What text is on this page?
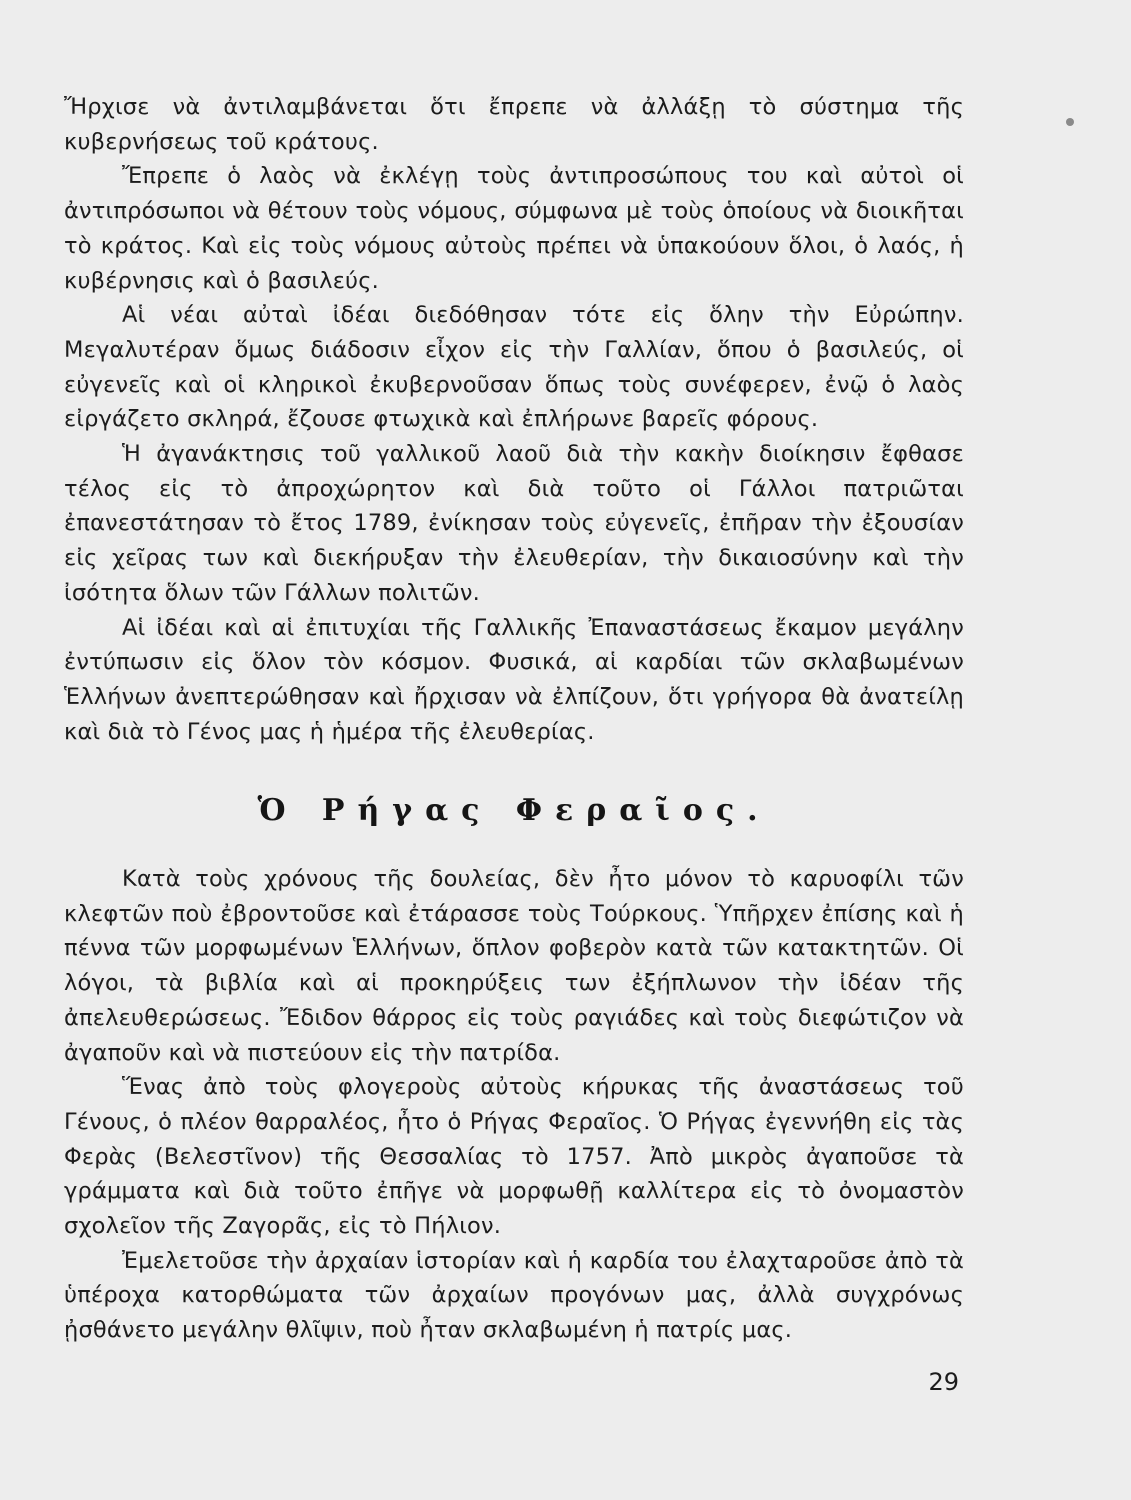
Ἤρχισε νὰ ἀντιλαμβάνεται ὅτι ἔπρεπε νὰ ἀλλάξῃ τὸ σύστημα τῆς κυβερνήσεως τοῦ κράτους.

Ἔπρεπε ὁ λαὸς νὰ ἐκλέγῃ τοὺς ἀντιπροσώπους του καὶ αὐτοὶ οἱ ἀντιπρόσωποι νὰ θέτουν τοὺς νόμους, σύμφωνα μὲ τοὺς ὁποίους νὰ διοικῆται τὸ κράτος. Καὶ εἰς τοὺς νόμους αὐτοὺς πρέπει νὰ ὑπακούουν ὅλοι, ὁ λαός, ἡ κυβέρνησις καὶ ὁ βασιλεύς.

Αἱ νέαι αὐταὶ ἰδέαι διεδόθησαν τότε εἰς ὅλην τὴν Εὐρώπην. Μεγαλυτέραν ὅμως διάδοσιν εἶχον εἰς τὴν Γαλλίαν, ὅπου ὁ βασιλεύς, οἱ εὐγενεῖς καὶ οἱ κληρικοὶ ἐκυβερνοῦσαν ὅπως τοὺς συνέφερεν, ἐνῷ ὁ λαὸς εἰργάζετο σκληρά, ἔζουσε φτωχικὰ καὶ ἐπλήρωνε βαρεῖς φόρους.

Ἡ ἀγανάκτησις τοῦ γαλλικοῦ λαοῦ διὰ τὴν κακὴν διοίκησιν ἔφθασε τέλος εἰς τὸ ἀπροχώρητον καὶ διὰ τοῦτο οἱ Γάλλοι πατριῶται ἐπανεστάτησαν τὸ ἔτος 1789, ἐνίκησαν τοὺς εὐγενεῖς, ἐπῆραν τὴν ἐξουσίαν εἰς χεῖρας των καὶ διεκήρυξαν τὴν ἐλευθερίαν, τὴν δικαιοσύνην καὶ τὴν ἰσότητα ὅλων τῶν Γάλλων πολιτῶν.

Αἱ ἰδέαι καὶ αἱ ἐπιτυχίαι τῆς Γαλλικῆς Ἐπαναστάσεως ἔκαμον μεγάλην ἐντύπωσιν εἰς ὅλον τὸν κόσμον. Φυσικά, αἱ καρδίαι τῶν σκλαβωμένων Ἑλλήνων ἀνεπτερώθησαν καὶ ἤρχισαν νὰ ἐλπίζουν, ὅτι γρήγορα θὰ ἀνατείλῃ καὶ διὰ τὸ Γένος μας ἡ ἡμέρα τῆς ἐλευθερίας.

Ὁ Ρήγας Φεραῖος.

Κατὰ τοὺς χρόνους τῆς δουλείας, δὲν ἦτο μόνον τὸ καρυοφίλι τῶν κλεφτῶν ποὺ ἐβροντοῦσε καὶ ἐτάρασσε τοὺς Τούρκους. Ὑπῆρχεν ἐπίσης καὶ ἡ πέννα τῶν μορφωμένων Ἑλλήνων, ὅπλον φοβερὸν κατὰ τῶν κατακτητῶν. Οἱ λόγοι, τὰ βιβλία καὶ αἱ προκηρύξεις των ἐξήπλωνον τὴν ἰδέαν τῆς ἀπελευθερώσεως. Ἔδιδον θάρρος εἰς τοὺς ραγιάδες καὶ τοὺς διεφώτιζον νὰ ἀγαποῦν καὶ νὰ πιστεύουν εἰς τὴν πατρίδα.

Ἕνας ἀπὸ τοὺς φλογεροὺς αὐτοὺς κήρυκας τῆς ἀναστάσεως τοῦ Γένους, ὁ πλέον θαρραλέος, ἦτο ὁ Ρήγας Φεραῖος. Ὁ Ρήγας ἐγεννήθη εἰς τὰς Φερὰς (Βελεστῖνον) τῆς Θεσσαλίας τὸ 1757. Ἀπὸ μικρὸς ἀγαποῦσε τὰ γράμματα καὶ διὰ τοῦτο ἐπῆγε νὰ μορφωθῇ καλλίτερα εἰς τὸ ὀνομαστὸν σχολεῖον τῆς Ζαγορᾶς, εἰς τὸ Πήλιον.

Ἐμελετοῦσε τὴν ἀρχαίαν ἱστορίαν καὶ ἡ καρδία του ἐλαχταροῦσε ἀπὸ τὰ ὑπέροχα κατορθώματα τῶν ἀρχαίων προγόνων μας, ἀλλὰ συγχρόνως ᾐσθάνετο μεγάλην θλῖψιν, ποὺ ἦταν σκλαβωμένη ἡ πατρίς μας.

29
